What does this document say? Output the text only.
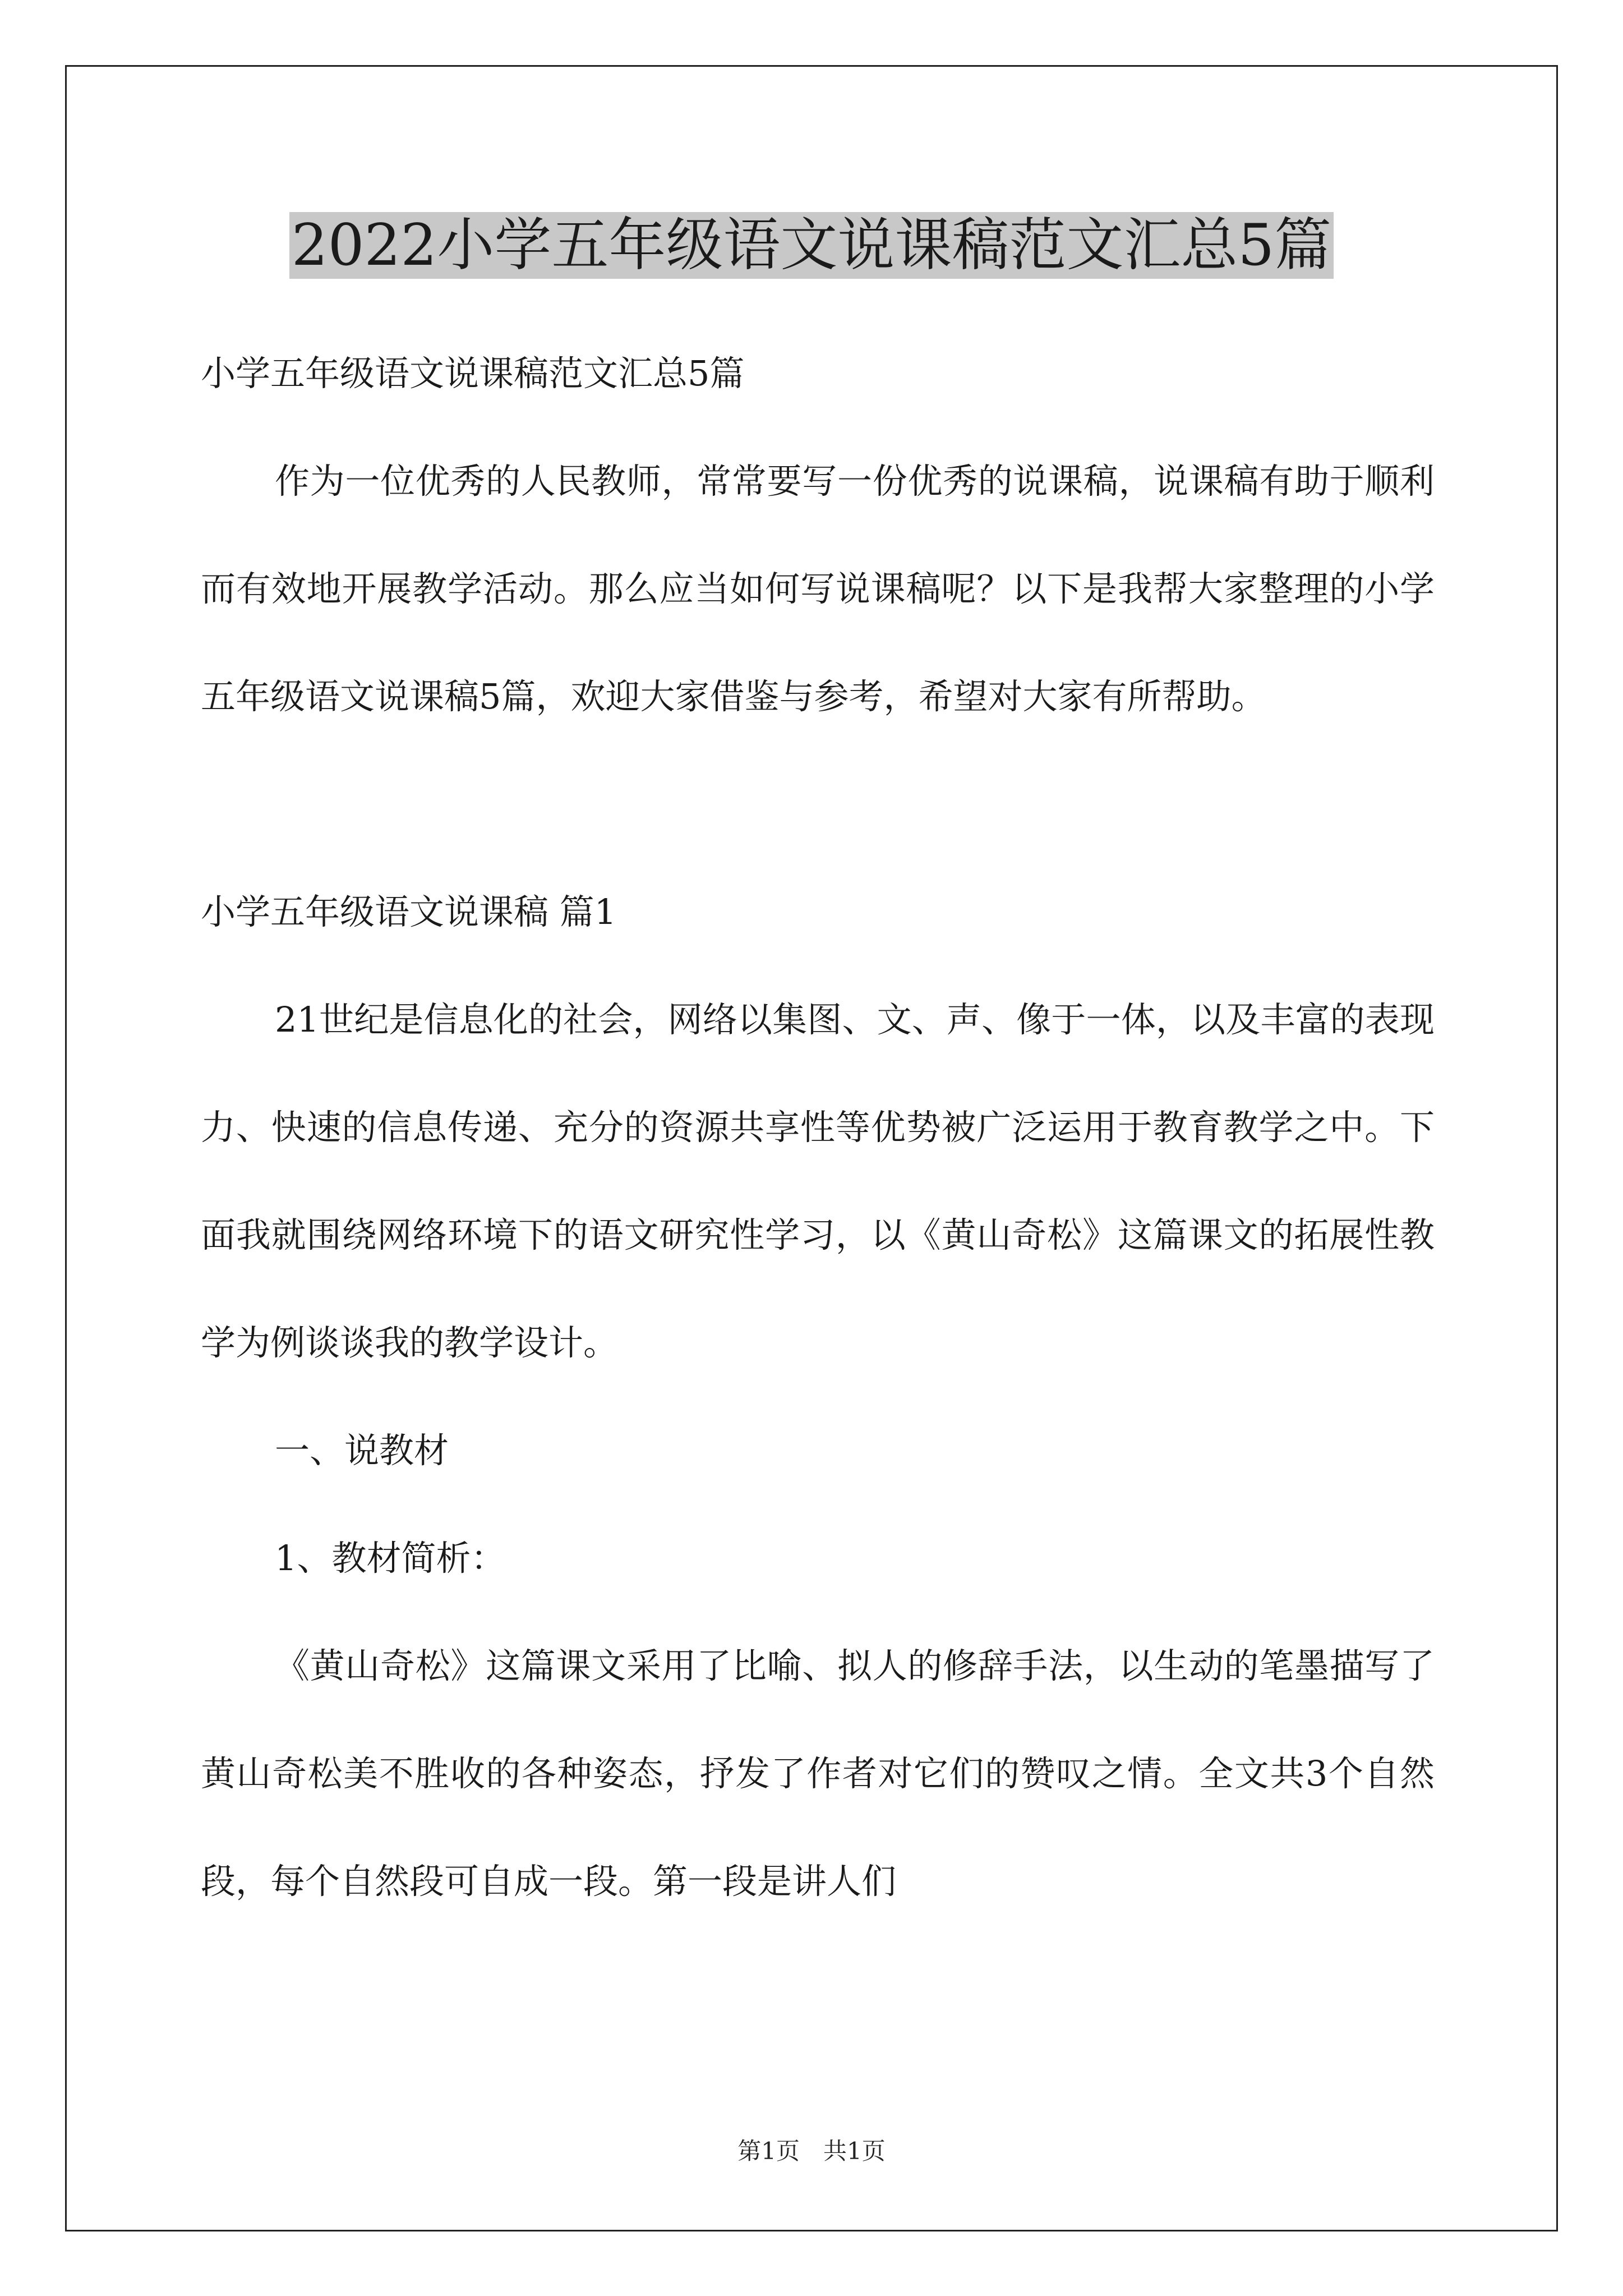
2022小学五年级语文说课稿范文汇总5篇

小学五年级语文说课稿范文汇总5篇

作为一位优秀的人民教师，常常要写一份优秀的说课稿，说课稿有助于顺利而有效地开展教学活动。那么应当如何写说课稿呢？以下是我帮大家整理的小学五年级语文说课稿5篇，欢迎大家借鉴与参考，希望对大家有所帮助。

小学五年级语文说课稿 篇1

21世纪是信息化的社会，网络以集图、文、声、像于一体，以及丰富的表现力、快速的信息传递、充分的资源共享性等优势被广泛运用于教育教学之中。下面我就围绕网络环境下的语文研究性学习，以《黄山奇松》这篇课文的拓展性教学为例谈谈我的教学设计。

一、说教材

1、教材简析：

《黄山奇松》这篇课文采用了比喻、拟人的修辞手法，以生动的笔墨描写了黄山奇松美不胜收的各种姿态，抒发了作者对它们的赞叹之情。全文共3个自然段，每个自然段可自成一段。第一段是讲人们

第1页　共1页
